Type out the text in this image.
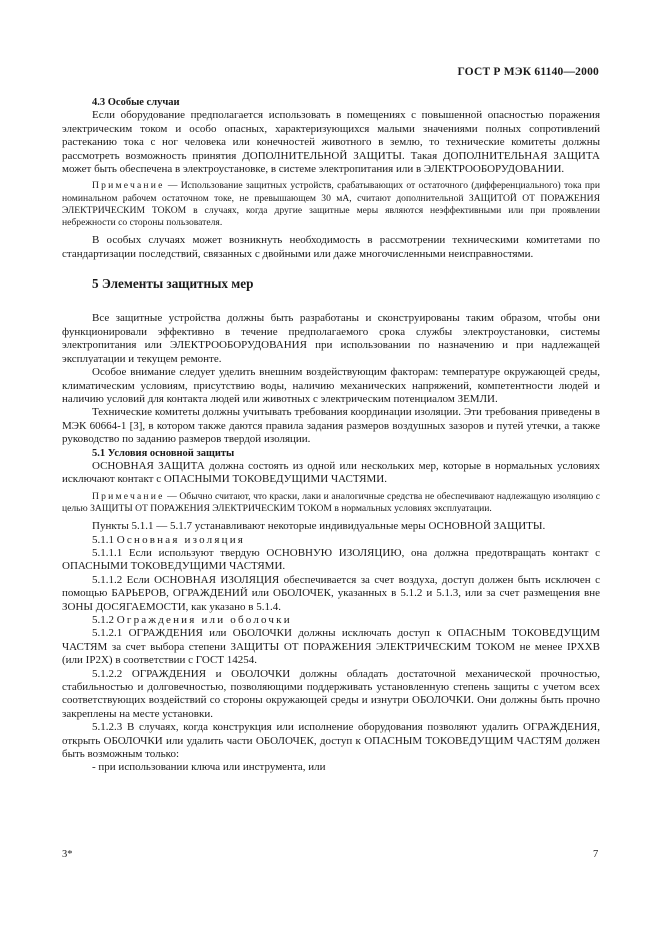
ГОСТ Р МЭК 61140—2000
4.3 Особые случаи

Если оборудование предполагается использовать в помещениях с повышенной опасностью поражения электрическим током и особо опасных, характеризующихся малыми значениями полных сопротивлений растеканию тока с ног человека или конечностей животного в землю, то технические комитеты должны рассмотреть возможность принятия ДОПОЛНИТЕЛЬНОЙ ЗАЩИТЫ. Такая ДОПОЛНИТЕЛЬНАЯ ЗАЩИТА может быть обеспечена в электроустановке, в системе электропитания или в ЭЛЕКТРООБОРУДОВАНИИ.

Примечание — Использование защитных устройств, срабатывающих от остаточного (дифференциального) тока при номинальном рабочем остаточном токе, не превышающем 30 мА, считают дополнительной ЗАЩИТОЙ ОТ ПОРАЖЕНИЯ ЭЛЕКТРИЧЕСКИМ ТОКОМ в случаях, когда другие защитные меры являются неэффективными или при проявлении небрежности со стороны пользователя.

В особых случаях может возникнуть необходимость в рассмотрении техническими комитетами по стандартизации последствий, связанных с двойными или даже многочисленными неисправностями.

5 Элементы защитных мер

Все защитные устройства должны быть разработаны и сконструированы таким образом, чтобы они функционировали эффективно в течение предполагаемого срока службы электроустановки, системы электропитания или ЭЛЕКТРООБОРУДОВАНИЯ при использовании по назначению и при надлежащей эксплуатации и текущем ремонте.

Особое внимание следует уделить внешним воздействующим факторам: температуре окружающей среды, климатическим условиям, присутствию воды, наличию механических напряжений, компетентности людей и наличию условий для контакта людей или животных с электрическим потенциалом ЗЕМЛИ.

Технические комитеты должны учитывать требования координации изоляции. Эти требования приведены в МЭК 60664-1 [3], в котором также даются правила задания размеров воздушных зазоров и путей утечки, а также руководство по заданию размеров твердой изоляции.

5.1 Условия основной защиты

ОСНОВНАЯ ЗАЩИТА должна состоять из одной или нескольких мер, которые в нормальных условиях исключают контакт с ОПАСНЫМИ ТОКОВЕДУЩИМИ ЧАСТЯМИ.

Примечание — Обычно считают, что краски, лаки и аналогичные средства не обеспечивают надлежащую изоляцию с целью ЗАЩИТЫ ОТ ПОРАЖЕНИЯ ЭЛЕКТРИЧЕСКИМ ТОКОМ в нормальных условиях эксплуатации.

Пункты 5.1.1 — 5.1.7 устанавливают некоторые индивидуальные меры ОСНОВНОЙ ЗАЩИТЫ.

5.1.1 Основная изоляция

5.1.1.1 Если используют твердую ОСНОВНУЮ ИЗОЛЯЦИЮ, она должна предотвращать контакт с ОПАСНЫМИ ТОКОВЕДУЩИМИ ЧАСТЯМИ.

5.1.1.2 Если ОСНОВНАЯ ИЗОЛЯЦИЯ обеспечивается за счет воздуха, доступ должен быть исключен с помощью БАРЬЕРОВ, ОГРАЖДЕНИЙ или ОБОЛОЧЕК, указанных в 5.1.2 и 5.1.3, или за счет размещения вне ЗОНЫ ДОСЯГАЕМОСТИ, как указано в 5.1.4.

5.1.2 Ограждения или оболочки

5.1.2.1 ОГРАЖДЕНИЯ или ОБОЛОЧКИ должны исключать доступ к ОПАСНЫМ ТОКОВЕДУЩИМ ЧАСТЯМ за счет выбора степени ЗАЩИТЫ ОТ ПОРАЖЕНИЯ ЭЛЕКТРИЧЕСКИМ ТОКОМ не менее IPXXB (или IP2X) в соответствии с ГОСТ 14254.

5.1.2.2 ОГРАЖДЕНИЯ и ОБОЛОЧКИ должны обладать достаточной механической прочностью, стабильностью и долговечностью, позволяющими поддерживать установленную степень защиты с учетом всех соответствующих воздействий со стороны окружающей среды и изнутри ОБОЛОЧКИ. Они должны быть прочно закреплены на месте установки.

5.1.2.3 В случаях, когда конструкция или исполнение оборудования позволяют удалить ОГРАЖДЕНИЯ, открыть ОБОЛОЧКИ или удалить части ОБОЛОЧЕК, доступ к ОПАСНЫМ ТОКОВЕДУЩИМ ЧАСТЯМ должен быть возможным только:

- при использовании ключа или инструмента, или

3*	7
